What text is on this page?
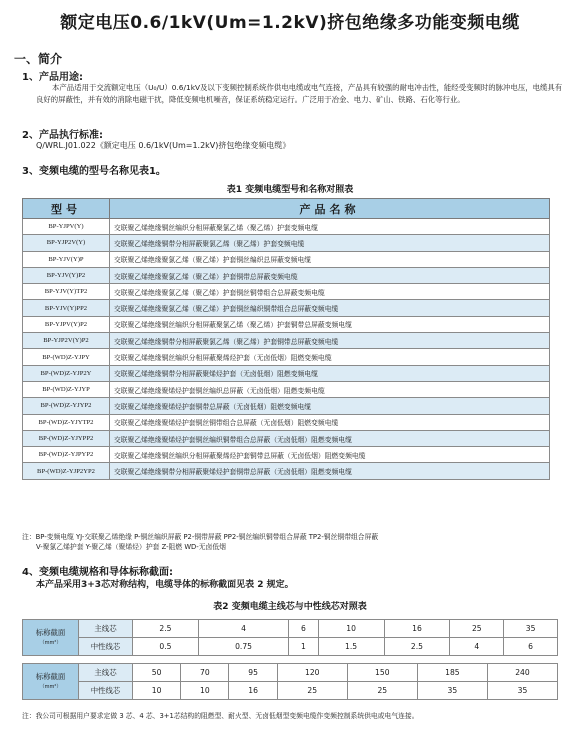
额定电压0.6/1kV(Um=1.2kV)挤包绝缘多功能变频电缆
一、简介
1、产品用途:
本产品适用于交流额定电压（U₀/U）0.6/1kV及以下变频控制系统作供电电缆或电气连接，产品具有较强的耐电冲击性，能经受变频时的脉冲电压，电缆具有良好的屏蔽性，并有效的消除电磁干扰，降低变频电机噪音，保证系统稳定运行。广泛用于冶金、电力、矿山、铁路、石化等行业。
2、产品执行标准:
Q/WRL.J01.022《额定电压 0.6/1kV(Um=1.2kV)挤包绝缘变频电缆》
3、变频电缆的型号名称见表1。
表1 变频电缆型号和名称对照表
型号	产品名称
BP-YJPV(Y)	交联聚乙烯绝缘铜丝编织分相屏蔽聚氯乙烯（聚乙烯）护套变频电缆
BP-YJP2V(Y)	交联聚乙烯绝缘铜带分相屏蔽聚氯乙烯（聚乙烯）护套变频电缆
BP-YJV(Y)P	交联聚乙烯绝缘聚氯乙烯（聚乙烯）护套铜丝编织总屏蔽变频电缆
BP-YJV(Y)P2	交联聚乙烯绝缘聚氯乙烯（聚乙烯）护套铜带总屏蔽变频电缆
BP-YJV(Y)TP2	交联聚乙烯绝缘聚氯乙烯（聚乙烯）护套铜丝铜带组合总屏蔽变频电缆
BP-YJV(Y)PP2	交联聚乙烯绝缘聚氯乙烯（聚乙烯）护套铜丝编织铜带组合总屏蔽变频电缆
BP-YJPV(Y)P2	交联聚乙烯绝缘铜丝编织分相屏蔽聚氯乙烯（聚乙烯）护套铜带总屏蔽变频电缆
BP-YJP2V(Y)P2	交联聚乙烯绝缘铜带分相屏蔽聚氯乙烯（聚乙烯）护套铜带总屏蔽变频电缆
BP-(WD)Z-YJPY	交联聚乙烯绝缘铜丝编织分相屏蔽聚烯烃护套（无卤低烟）阻燃变频电缆
BP-(WD)Z-YJP2Y	交联聚乙烯绝缘铜带分相屏蔽聚烯烃护套（无卤低烟）阻燃变频电缆
BP-(WD)Z-YJYP	交联聚乙烯绝缘聚烯烃护套铜丝编织总屏蔽（无卤低烟）阻燃变频电缆
BP-(WD)Z-YJYP2	交联聚乙烯绝缘聚烯烃护套铜带总屏蔽（无卤低烟）阻燃变频电缆
BP-(WD)Z-YJYTP2	交联聚乙烯绝缘聚烯烃护套铜丝铜带组合总屏蔽（无卤低烟）阻燃变频电缆
BP-(WD)Z-YJYPP2	交联聚乙烯绝缘聚烯烃护套铜丝编织铜带组合总屏蔽（无卤低烟）阻燃变频电缆
BP-(WD)Z-YJPYP2	交联聚乙烯绝缘铜丝编织分相屏蔽聚烯烃护套铜带总屏蔽（无卤低烟）阻燃变频电缆
BP-(WD)Z-YJP2YP2	交联聚乙烯绝缘铜带分相屏蔽聚烯烃护套铜带总屏蔽（无卤低烟）阻燃变频电缆
注：BP-变频电缆 YJ-交联聚乙烯绝缘 P-铜丝编织屏蔽 P2-铜带屏蔽 PP2-铜丝编织铜带组合屏蔽 TP2-铜丝铜带组合屏蔽
V-聚氯乙烯护套 Y-聚乙烯（聚烯烃）护套 Z-阻燃 WD-无卤低烟
4、变频电缆规格和导体标称截面:
本产品采用3+3芯对称结构，电缆导体的标称截面见表 2 规定。
表2 变频电缆主线芯与中性线芯对照表
标称截面
（mm²）	主线芯	2.5	4	6	10	16	25	35
	中性线芯	0.5	0.75	1	1.5	2.5	4	6
标称截面
（mm²）	主线芯	50	70	95	120	150	185	240
	中性线芯	10	10	16	25	25	35	35
注：我公司可根据用户要求定做 3 芯、4 芯、3+1芯结构的阻燃型、耐火型、无卤低烟型变频电缆作变频控制系统供电或电气连接。
